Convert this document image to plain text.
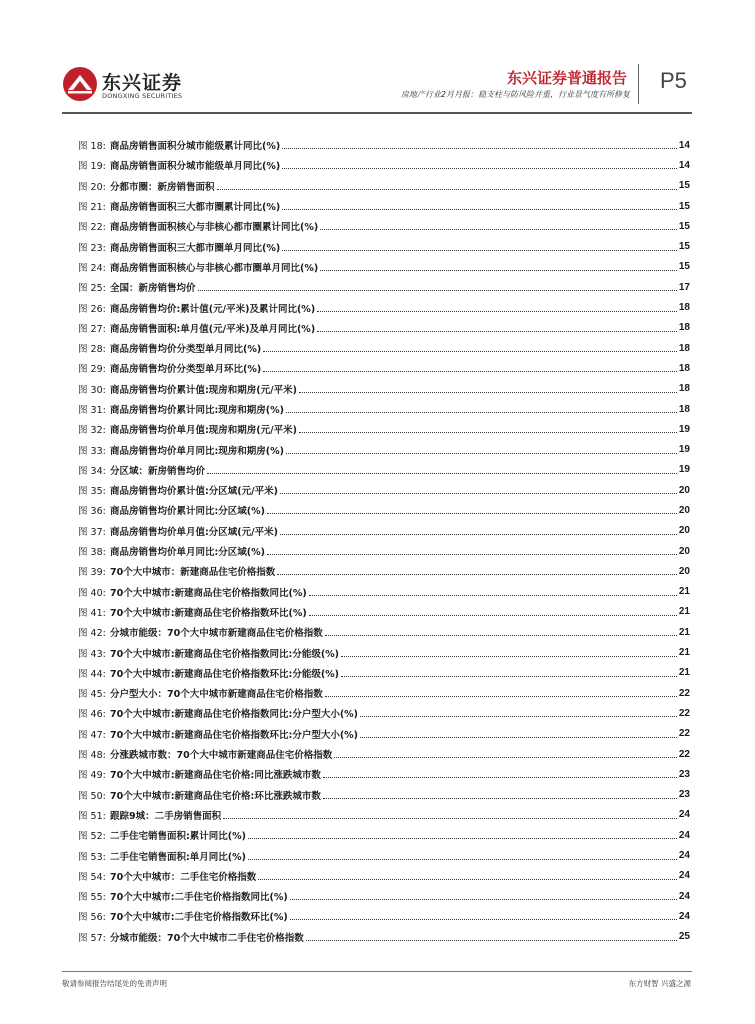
东兴证券
DONGXING SECURITIES
东兴证券普通报告
房地产行业2月月报：稳支柱与防风险并重，行业景气度有所修复
P5
图 18: 商品房销售面积分城市能级累计同比(%)	14
图 19: 商品房销售面积分城市能级单月同比(%)	14
图 20: 分都市圈：新房销售面积	15
图 21: 商品房销售面积三大都市圈累计同比(%)	15
图 22: 商品房销售面积核心与非核心都市圈累计同比(%)	15
图 23: 商品房销售面积三大都市圈单月同比(%)	15
图 24: 商品房销售面积核心与非核心都市圈单月同比(%)	15
图 25: 全国：新房销售均价	17
图 26: 商品房销售均价:累计值(元/平米)及累计同比(%)	18
图 27: 商品房销售面积:单月值(元/平米)及单月同比(%)	18
图 28: 商品房销售均价分类型单月同比(%)	18
图 29: 商品房销售均价分类型单月环比(%)	18
图 30: 商品房销售均价累计值:现房和期房(元/平米)	18
图 31: 商品房销售均价累计同比:现房和期房(%)	18
图 32: 商品房销售均价单月值:现房和期房(元/平米)	19
图 33: 商品房销售均价单月同比:现房和期房(%)	19
图 34: 分区域：新房销售均价	19
图 35: 商品房销售均价累计值:分区域(元/平米)	20
图 36: 商品房销售均价累计同比:分区域(%)	20
图 37: 商品房销售均价单月值:分区域(元/平米)	20
图 38: 商品房销售均价单月同比:分区域(%)	20
图 39: 70个大中城市：新建商品住宅价格指数	20
图 40: 70个大中城市:新建商品住宅价格指数同比(%)	21
图 41: 70个大中城市:新建商品住宅价格指数环比(%)	21
图 42: 分城市能级：70个大中城市新建商品住宅价格指数	21
图 43: 70个大中城市:新建商品住宅价格指数同比:分能级(%)	21
图 44: 70个大中城市:新建商品住宅价格指数环比:分能级(%)	21
图 45: 分户型大小：70个大中城市新建商品住宅价格指数	22
图 46: 70个大中城市:新建商品住宅价格指数同比:分户型大小(%)	22
图 47: 70个大中城市:新建商品住宅价格指数环比:分户型大小(%)	22
图 48: 分涨跌城市数：70个大中城市新建商品住宅价格指数	22
图 49: 70个大中城市:新建商品住宅价格:同比涨跌城市数	23
图 50: 70个大中城市:新建商品住宅价格:环比涨跌城市数	23
图 51: 跟踪9城：二手房销售面积	24
图 52: 二手住宅销售面积:累计同比(%)	24
图 53: 二手住宅销售面积:单月同比(%)	24
图 54: 70个大中城市：二手住宅价格指数	24
图 55: 70个大中城市:二手住宅价格指数同比(%)	24
图 56: 70个大中城市:二手住宅价格指数环比(%)	24
图 57: 分城市能级：70个大中城市二手住宅价格指数	25
敬请参阅报告结尾处的免责声明	东方财智 兴盛之源
